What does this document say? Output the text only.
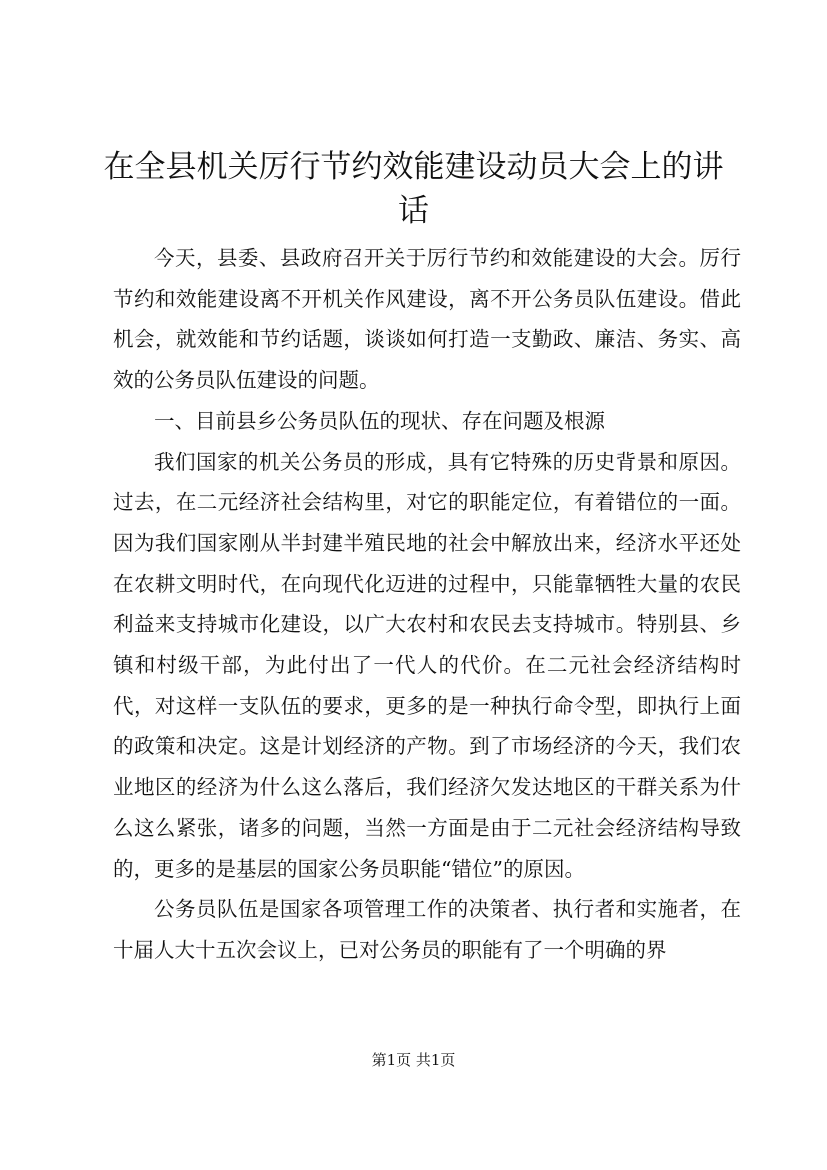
在全县机关厉行节约效能建设动员大会上的讲话

今天，县委、县政府召开关于厉行节约和效能建设的大会。厉行节约和效能建设离不开机关作风建设，离不开公务员队伍建设。借此机会，就效能和节约话题，谈谈如何打造一支勤政、廉洁、务实、高效的公务员队伍建设的问题。

一、目前县乡公务员队伍的现状、存在问题及根源

我们国家的机关公务员的形成，具有它特殊的历史背景和原因。过去，在二元经济社会结构里，对它的职能定位，有着错位的一面。因为我们国家刚从半封建半殖民地的社会中解放出来，经济水平还处在农耕文明时代，在向现代化迈进的过程中，只能靠牺牲大量的农民利益来支持城市化建设，以广大农村和农民去支持城市。特别县、乡镇和村级干部，为此付出了一代人的代价。在二元社会经济结构时代，对这样一支队伍的要求，更多的是一种执行命令型，即执行上面的政策和决定。这是计划经济的产物。到了市场经济的今天，我们农业地区的经济为什么这么落后，我们经济欠发达地区的干群关系为什么这么紧张，诸多的问题，当然一方面是由于二元社会经济结构导致的，更多的是基层的国家公务员职能“错位”的原因。

公务员队伍是国家各项管理工作的决策者、执行者和实施者，在十届人大十五次会议上，已对公务员的职能有了一个明确的界

第1页 共1页
